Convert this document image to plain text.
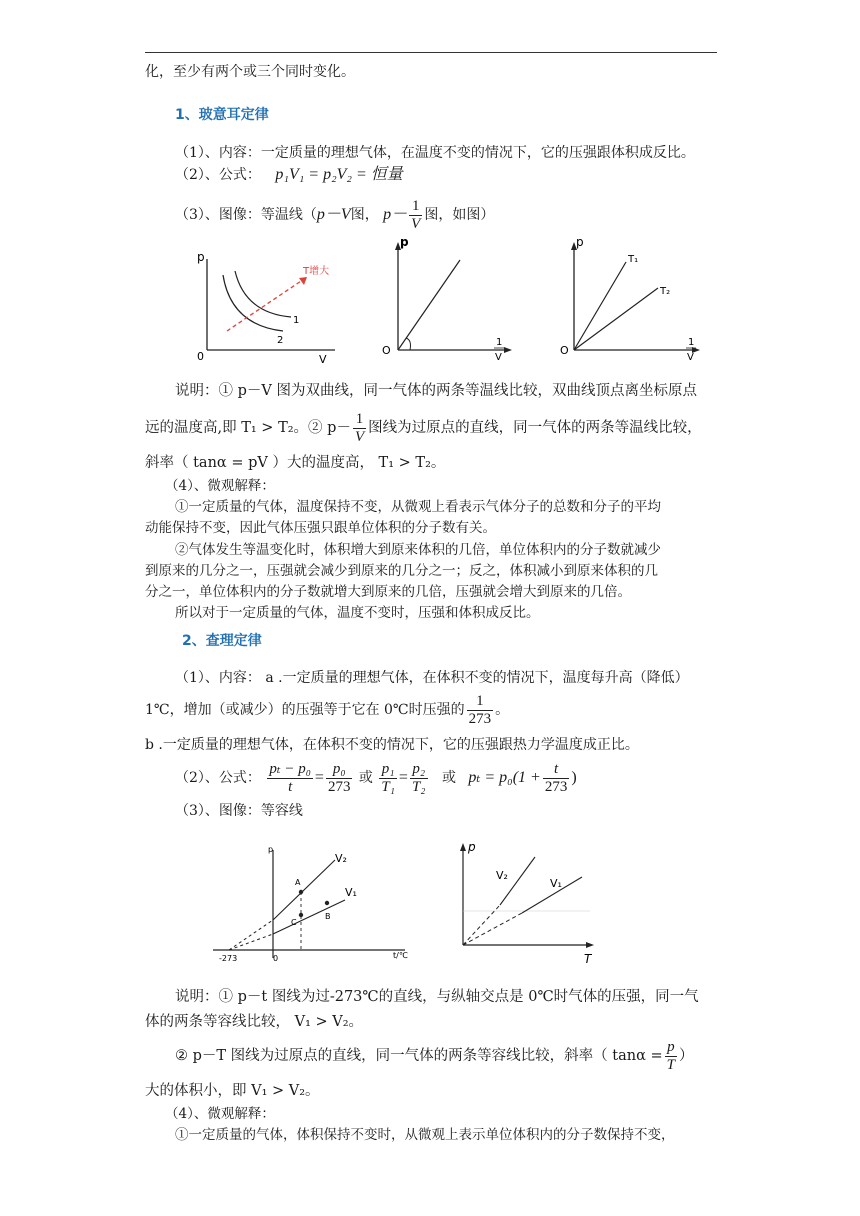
化，至少有两个或三个同时变化。
1、玻意耳定律
（1）、内容：一定质量的理想气体，在温度不变的情况下，它的压强跟体积成反比。
（2）、公式： p₁V₁ = p₂V₂ = 恒量
（3）、图像：等温线（p－V图， $p- \frac{1}{V}$ 图，如图）
T增大
p
V
0
1
2
p
O
1
V
p
O
T₁
T₂
1
V
说明：① p－V 图为双曲线，同一气体的两条等温线比较，双曲线顶点离坐标原点
远的温度高,即 T₁ > T₂。② $p- \frac{1}{V}$ 图线为过原点的直线，同一气体的两条等温线比较，
斜率（ tanα = pV ）大的温度高， T₁ > T₂。
（4）、微观解释：
①一定质量的气体，温度保持不变，从微观上看表示气体分子的总数和分子的平均
动能保持不变，因此气体压强只跟单位体积的分子数有关。
②气体发生等温变化时，体积增大到原来体积的几倍，单位体积内的分子数就减少
到原来的几分之一，压强就会减少到原来的几分之一；反之，体积减小到原来体积的几
分之一，单位体积内的分子数就增大到原来的几倍，压强就会增大到原来的几倍。
所以对于一定质量的气体，温度不变时，压强和体积成反比。
2、查理定律
（1）、内容： a .一定质量的理想气体，在体积不变的情况下，温度每升高（降低）
1℃，增加（或减少）的压强等于它在 0℃时压强的 $\frac{1}{273}$ 。
b .一定质量的理想气体，在体积不变的情况下，它的压强跟热力学温度成正比。
（2）、公式： $\frac{\text{pₜ − p₀}}{t} = \frac{\text{p₀}}{273}$ 或 $\frac{\text{p₁}}{\text{T₁}} = \frac{\text{p₂}}{\text{T₂}}$ 或 $p_t = p_0(1 + \frac{t}{273}$ )
（3）、图像：等容线
p
t/℃
-273	0
A
B
C
V₂
V₁
p
T
V₂
V₁
说明：① p－t 图线为过-273℃的直线，与纵轴交点是 0℃时气体的压强，同一气
体的两条等容线比较， V₁ > V₂。
② p－T 图线为过原点的直线，同一气体的两条等容线比较，斜率（ $\tan\alpha = \frac{p}{T}$ ）
大的体积小，即 V₁ > V₂。
（4）、微观解释：
①一定质量的气体，体积保持不变时，从微观上表示单位体积内的分子数保持不变，
